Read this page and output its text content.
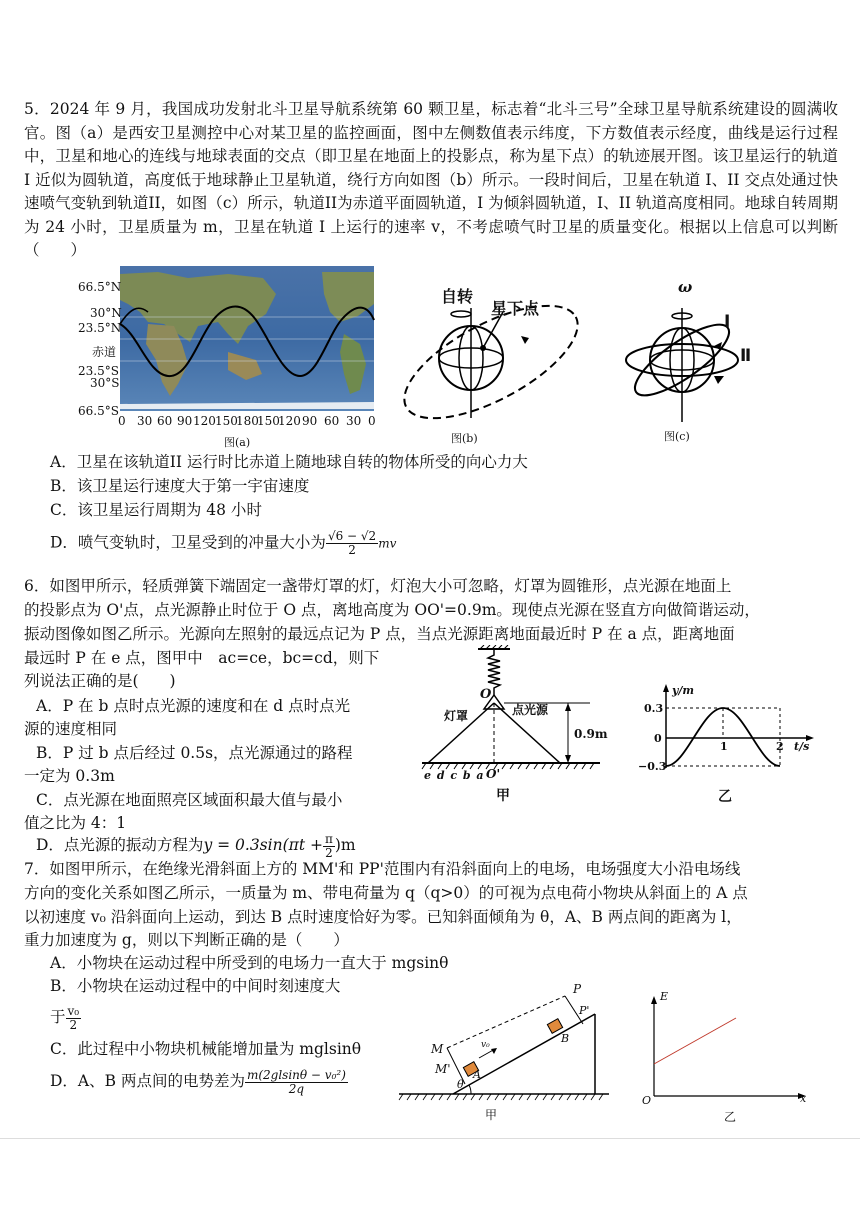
5．2024 年 9 月，我国成功发射北斗卫星导航系统第 60 颗卫星，标志着“北斗三号”全球卫星导航系统建设的圆满收官。图（a）是西安卫星测控中心对某卫星的监控画面，图中左侧数值表示纬度，下方数值表示经度，曲线是运行过程中，卫星和地心的连线与地球表面的交点（即卫星在地面上的投影点，称为星下点）的轨迹展开图。该卫星运行的轨道 I 近似为圆轨道，高度低于地球静止卫星轨道，绕行方向如图（b）所示。一段时间后，卫星在轨道 I、II 交点处通过快速喷气变轨到轨道II，如图（c）所示，轨道II为赤道平面圆轨道，I 为倾斜圆轨道，I、II 轨道高度相同。地球自转周期为 24 小时，卫星质量为 m，卫星在轨道 I 上运行的速率 v，不考虑喷气时卫星的质量变化。根据以上信息可以判断（　　）
66.5°N
30°N
23.5°N
赤道
23.5°S
30°S
66.5°S
0 30 60 90 120 150
180
150
120 90 60 30 0
图(a)
自转
星下点
图(b)
ω
I
Ⅱ
图(c)
A．卫星在该轨道II 运行时比赤道上随地球自转的物体所受的向心力大
B．该卫星运行速度大于第一宇宙速度
C．该卫星运行周期为 48 小时
D．喷气变轨时，卫星受到的冲量大小为 $\frac{√6 - √2}{2}$ mv
6．如图甲所示，轻质弹簧下端固定一盏带灯罩的灯，灯泡大小可忽略，灯罩为圆锥形，点光源在地面上
的投影点为 O'点，点光源静止时位于 O 点，离地高度为 OO'=0.9m。现使点光源在竖直方向做简谐运动，
振动图像如图乙所示。光源向左照射的最远点记为 P 点，当点光源距离地面最近时 P 在 a 点，距离地面
最远时 P 在 e 点，图甲中　ac=ce，bc=cd，则下
列说法正确的是(　　)
A．P 在 b 点时点光源的速度和在 d 点时点光
源的速度相同
B．P 过 b 点后经过 0.5s，点光源通过的路程
一定为 0.3m
C．点光源在地面照亮区域面积最大值与最小
值之比为 4：1
D．点光源的振动方程为$y = 0.3\sin(\pi t + \frac{\pi}{2} )m$
O
灯罩	点光源
0.9m
e d c b a O'
甲
y/m
t/s
0.3
0
−0.3
1	2
乙
7．如图甲所示，在绝缘光滑斜面上方的 MM'和 PP'范围内有沿斜面向上的电场，电场强度大小沿电场线
方向的变化关系如图乙所示，一质量为 m、带电荷量为 q（q>0）的可视为点电荷小物块从斜面上的 A 点
以初速度 v₀ 沿斜面向上运动，到达 B 点时速度恰好为零。已知斜面倾角为 θ，A、B 两点间的距离为 l，
重力加速度为 g，则以下判断正确的是（　　）
A．小物块在运动过程中所受到的电场力一直大于 mgsinθ
B．小物块在运动过程中的中间时刻速度大
于 $\frac{\text{v₀}}{2}$
C．此过程中小物块机械能增加量为 mglsinθ
D．A、B 两点间的电势差为 $\frac{\text{m(2glsinθ − v₀²)}}{2q}$
P
P'
M
M' A
B
v₀
θ
甲
E
O	x
乙
